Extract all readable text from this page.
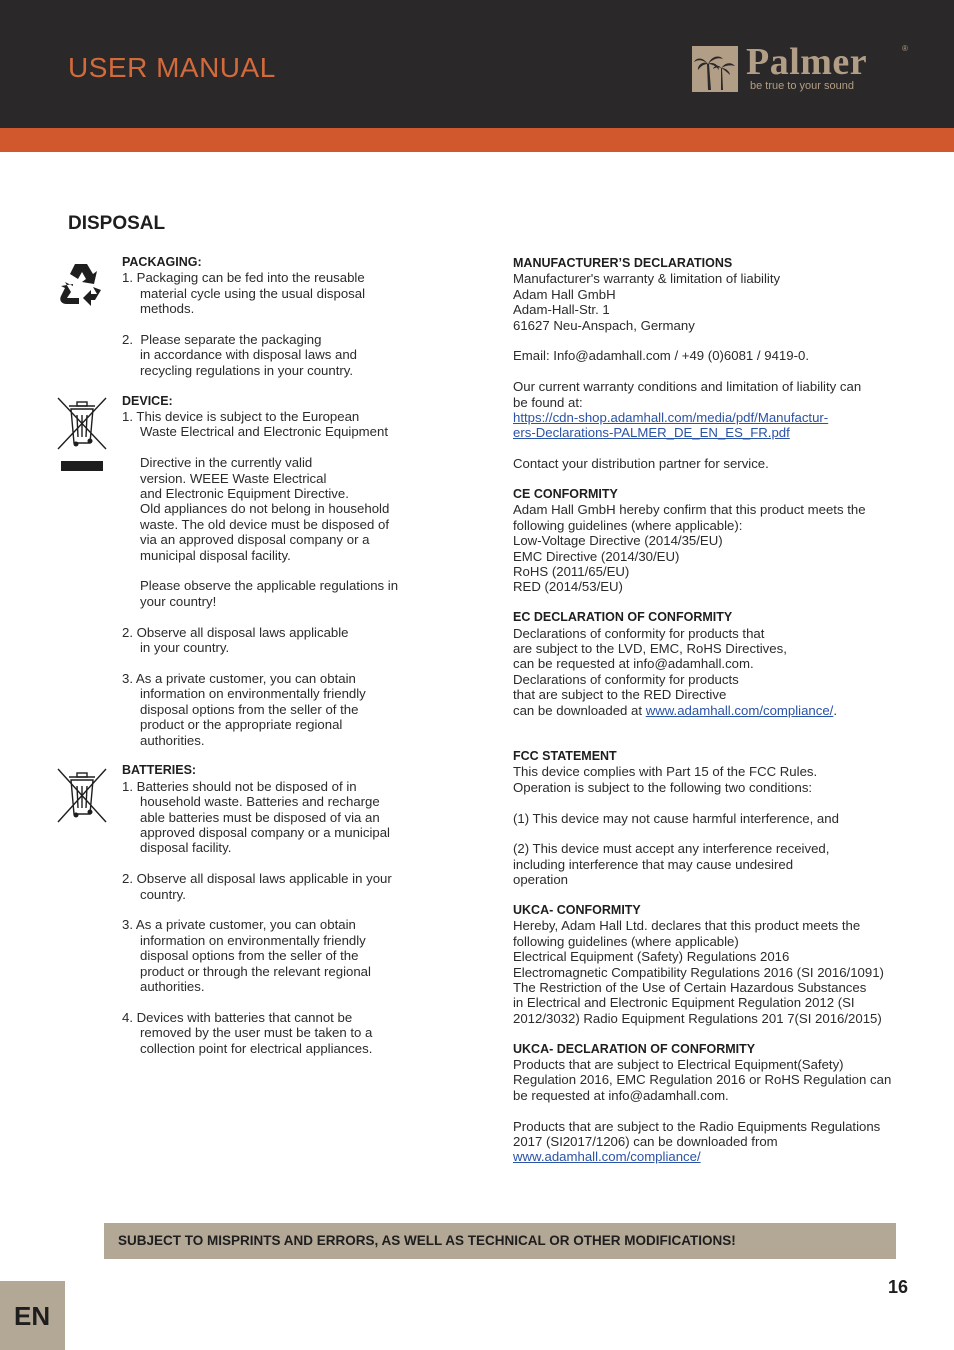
USER MANUAL	Palmer	®
be true to your sound
DISPOSAL
PACKAGING:
1. Packaging can be fed into the reusable
material cycle using the usual disposal
methods.
2.  Please separate the packaging
in accordance with disposal laws and
recycling regulations in your country.
DEVICE:
1. This device is subject to the European
Waste Electrical and Electronic Equipment
Directive in the currently valid
version. WEEE Waste Electrical
and Electronic Equipment Directive.
Old appliances do not belong in household
waste. The old device must be disposed of
via an approved disposal company or a
municipal disposal facility.
Please observe the applicable regulations in
your country!
2. Observe all disposal laws applicable
in your country.
3. As a private customer, you can obtain
information on environmentally friendly
disposal options from the seller of the
product or the appropriate regional
authorities.
BATTERIES:
1. Batteries should not be disposed of in
household waste. Batteries and recharge
able batteries must be disposed of via an
approved disposal company or a municipal
disposal facility.
2. Observe all disposal laws applicable in your
country.
3. As a private customer, you can obtain
information on environmentally friendly
disposal options from the seller of the
product or through the relevant regional
authorities.
4. Devices with batteries that cannot be
removed by the user must be taken to a
collection point for electrical appliances.
MANUFACTURER’S DECLARATIONS
Manufacturer's warranty & limitation of liability
Adam Hall GmbH
Adam-Hall-Str. 1
61627 Neu-Anspach, Germany
Email: Info@adamhall.com / +49 (0)6081 / 9419-0.
Our current warranty conditions and limitation of liability can
be found at:
https://cdn-shop.adamhall.com/media/pdf/Manufactur-
ers-Declarations-PALMER_DE_EN_ES_FR.pdf
Contact your distribution partner for service.
CE CONFORMITY
Adam Hall GmbH hereby confirm that this product meets the
following guidelines (where applicable):
Low-Voltage Directive (2014/35/EU)
EMC Directive (2014/30/EU)
RoHS (2011/65/EU)
RED (2014/53/EU)
EC DECLARATION OF CONFORMITY
Declarations of conformity for products that
are subject to the LVD, EMC, RoHS Directives,
can be requested at info@adamhall.com.
Declarations of conformity for products
that are subject to the RED Directive
can be downloaded at www.adamhall.com/compliance/.
FCC STATEMENT
This device complies with Part 15 of the FCC Rules.
Operation is subject to the following two conditions:
(1) This device may not cause harmful interference, and
(2) This device must accept any interference received,
including interference that may cause undesired
operation
UKCA- CONFORMITY
Hereby, Adam Hall Ltd. declares that this product meets the
following guidelines (where applicable)
Electrical Equipment (Safety) Regulations 2016
Electromagnetic Compatibility Regulations 2016 (SI 2016/1091)
The Restriction of the Use of Certain Hazardous Substances
in Electrical and Electronic Equipment Regulation 2012 (SI
2012/3032) Radio Equipment Regulations 201 7(SI 2016/2015)
UKCA- DECLARATION OF CONFORMITY
Products that are subject to Electrical Equipment(Safety)
Regulation 2016, EMC Regulation 2016 or RoHS Regulation can
be requested at info@adamhall.com.
Products that are subject to the Radio Equipments Regulations
2017 (SI2017/1206) can be downloaded from
www.adamhall.com/compliance/
SUBJECT TO MISPRINTS AND ERRORS, AS WELL AS TECHNICAL OR OTHER MODIFICATIONS!
16
EN
